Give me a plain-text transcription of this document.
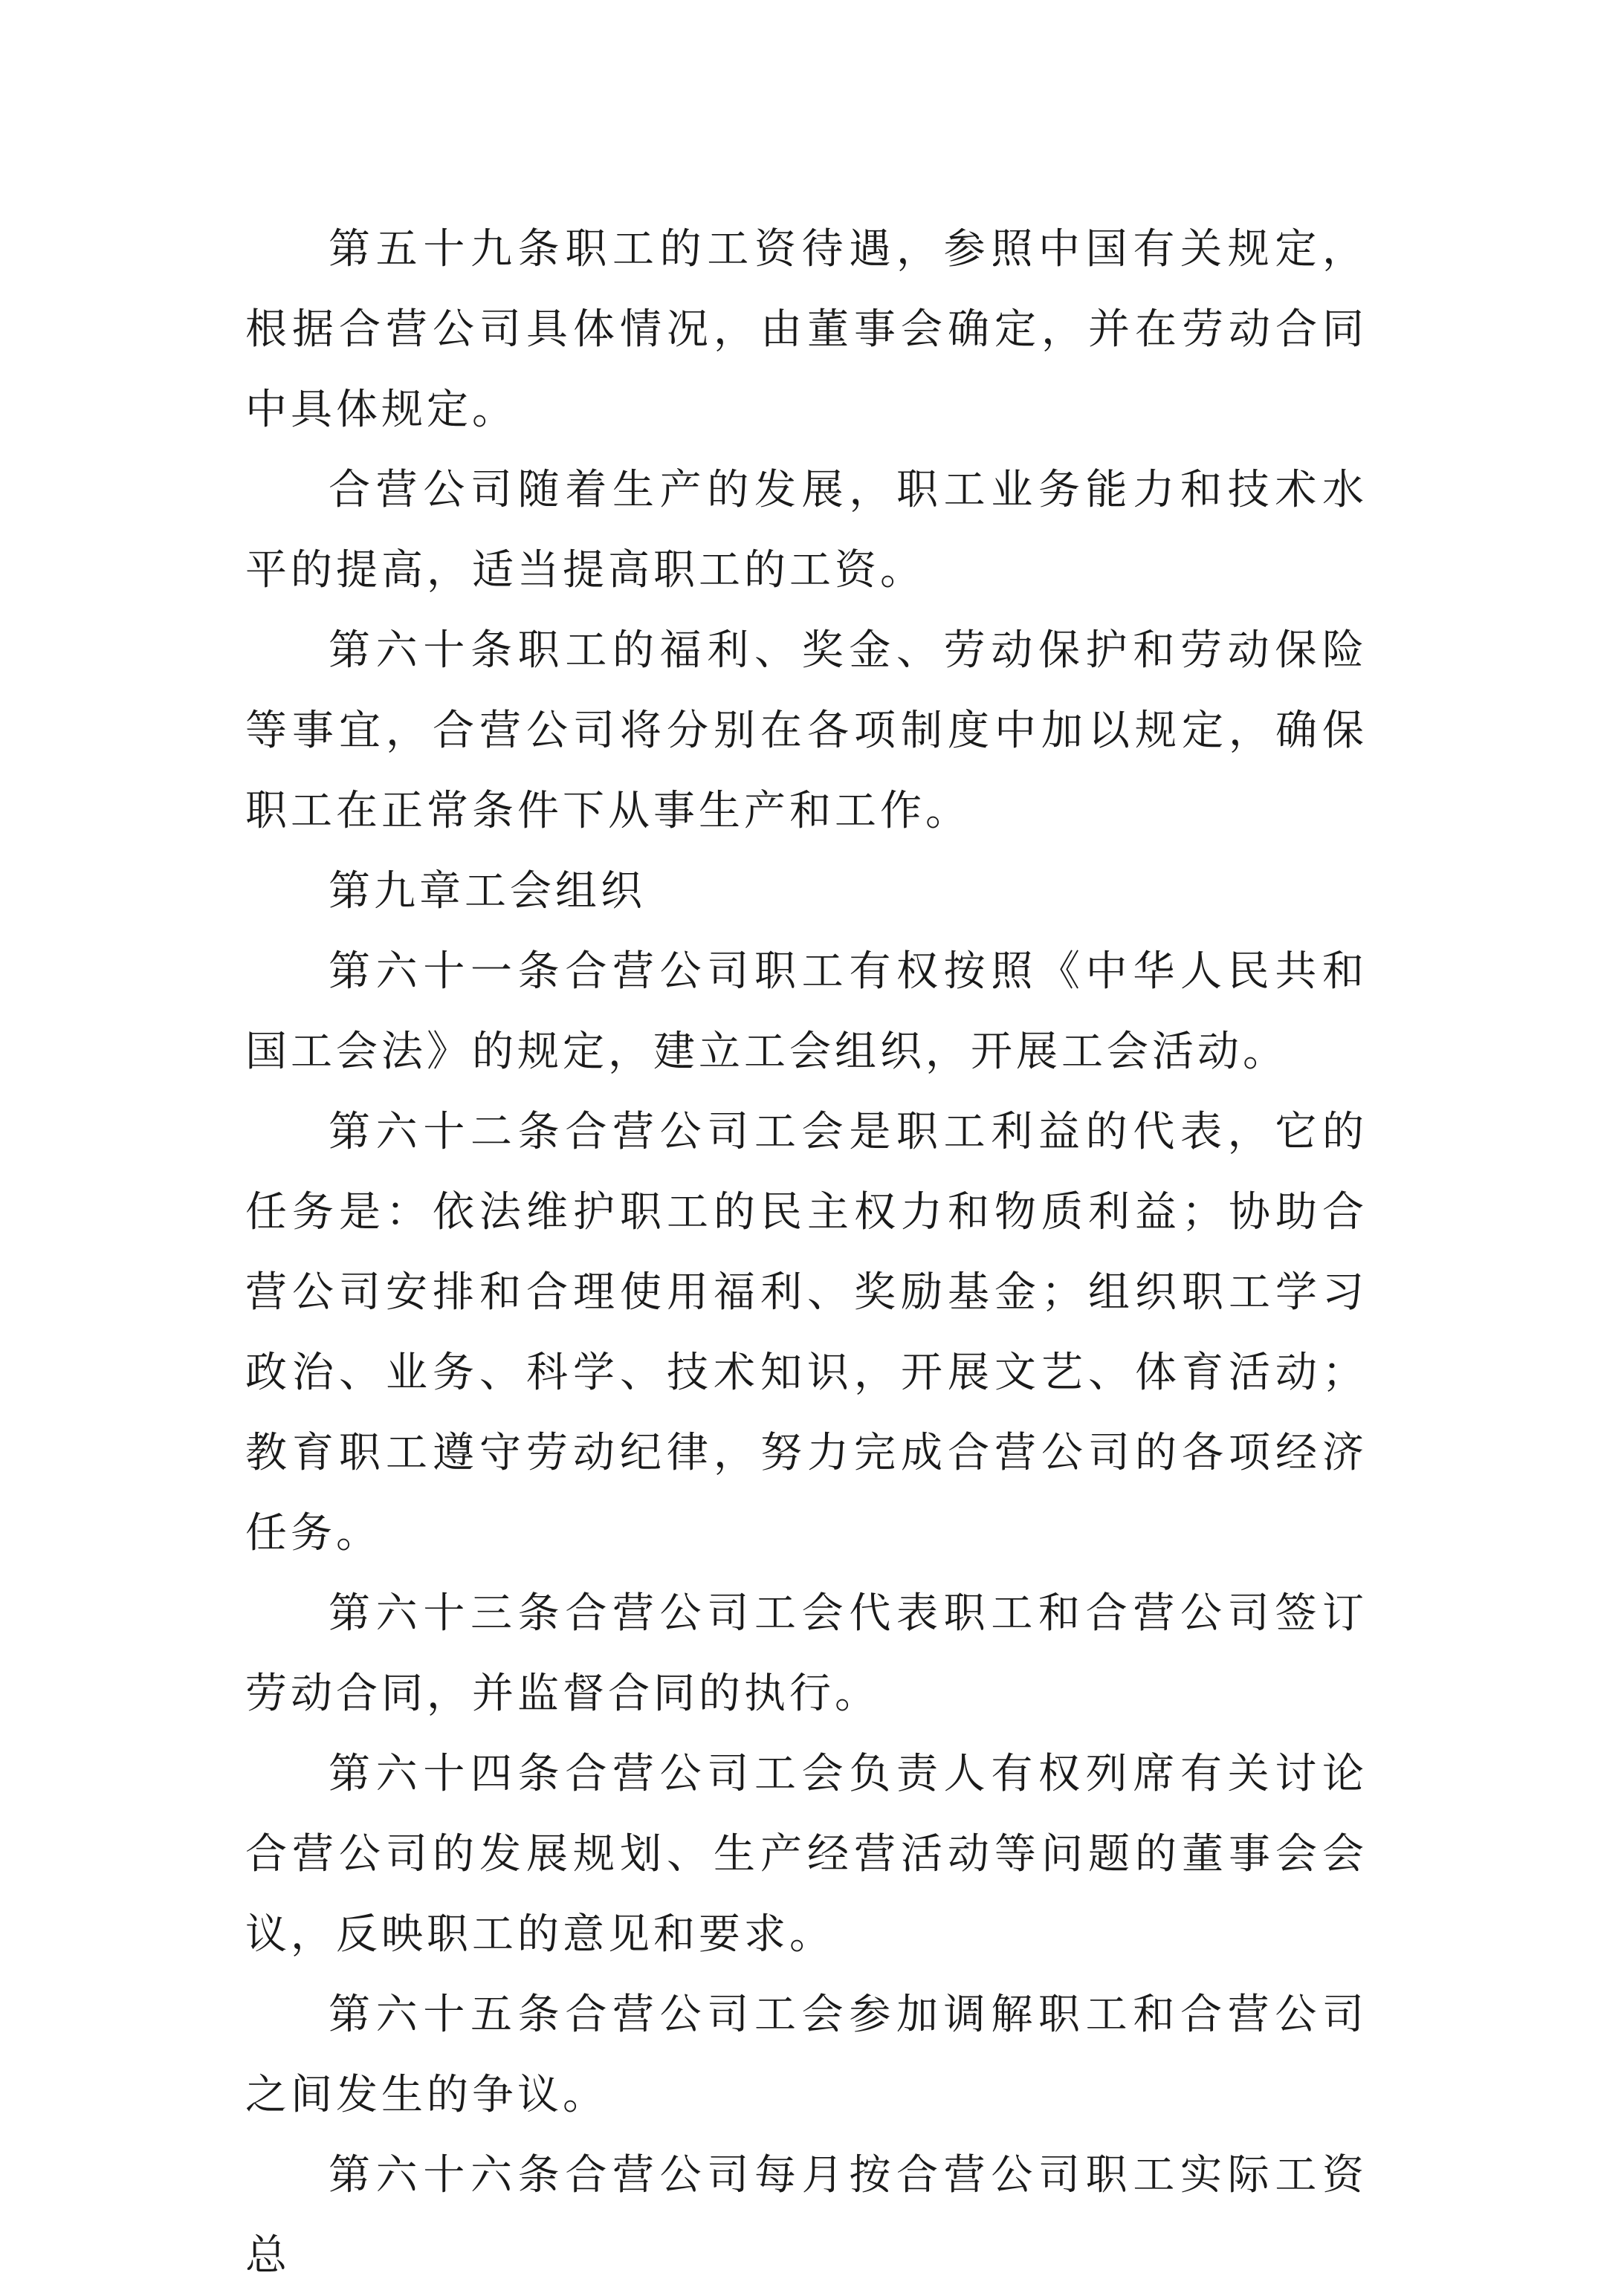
第五十九条职工的工资待遇，参照中国有关规定，根据合营公司具体情况，由董事会确定，并在劳动合同中具体规定。

合营公司随着生产的发展，职工业务能力和技术水平的提高，适当提高职工的工资。

第六十条职工的福利、奖金、劳动保护和劳动保险等事宜，合营公司将分别在各项制度中加以规定，确保职工在正常条件下从事生产和工作。

第九章工会组织

第六十一条合营公司职工有权按照《中华人民共和国工会法》的规定，建立工会组织，开展工会活动。

第六十二条合营公司工会是职工利益的代表，它的任务是：依法维护职工的民主权力和物质利益；协助合营公司安排和合理使用福利、奖励基金；组织职工学习政治、业务、科学、技术知识，开展文艺、体育活动；教育职工遵守劳动纪律，努力完成合营公司的各项经济任务。

第六十三条合营公司工会代表职工和合营公司签订劳动合同，并监督合同的执行。

第六十四条合营公司工会负责人有权列席有关讨论合营公司的发展规划、生产经营活动等问题的董事会会议，反映职工的意见和要求。

第六十五条合营公司工会参加调解职工和合营公司之间发生的争议。

第六十六条合营公司每月按合营公司职工实际工资总
